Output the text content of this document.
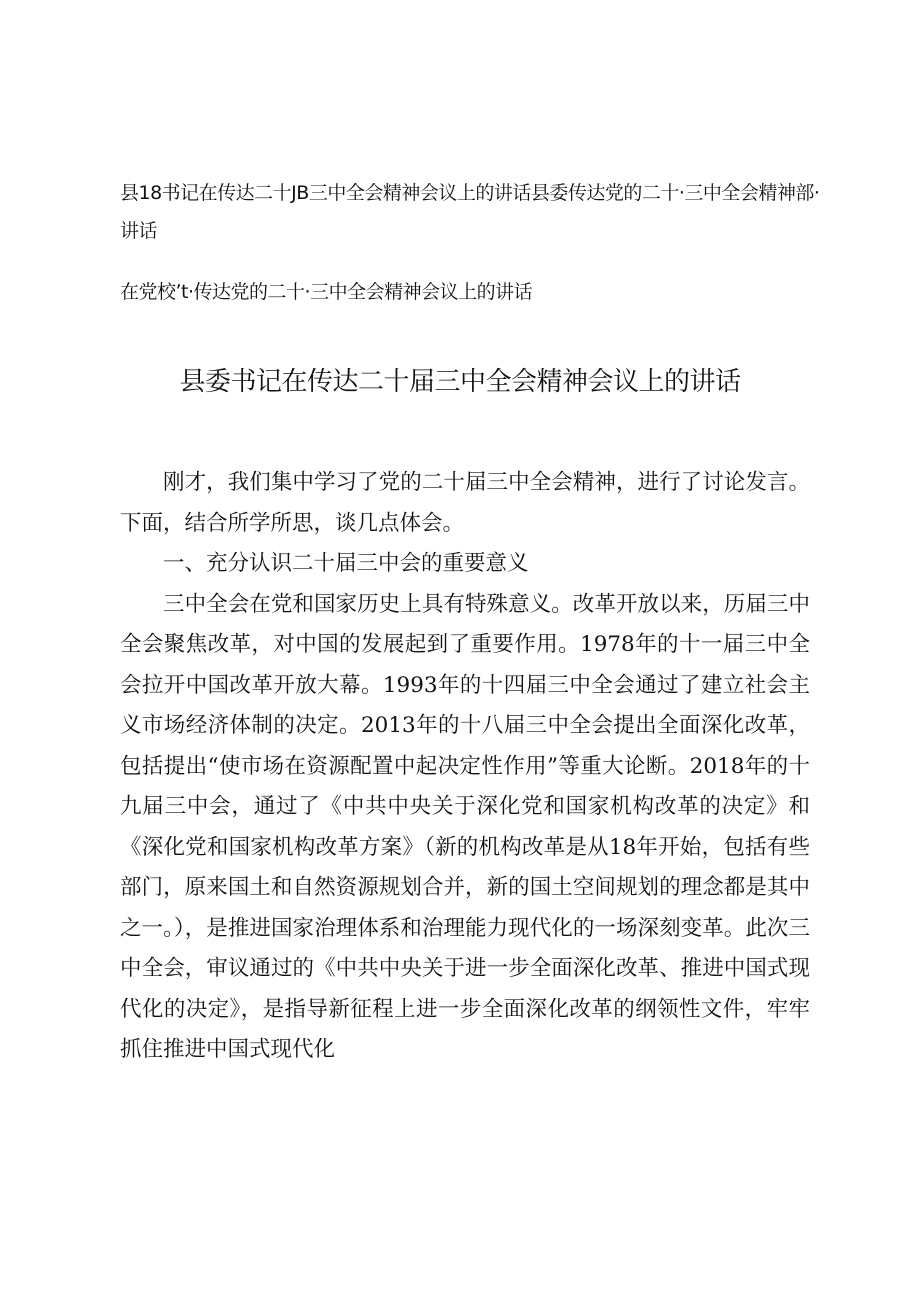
县18书记在传达二十JB三中全会精神会议上的讲话县委传达党的二十·三中全会精神部·讲话
在党校ʼt·传达党的二十·三中全会精神会议上的讲话
县委书记在传达二十届三中全会精神会议上的讲话

刚才，我们集中学习了党的二十届三中全会精神，进行了讨论发言。下面，结合所学所思，谈几点体会。

一、充分认识二十届三中会的重要意义

三中全会在党和国家历史上具有特殊意义。改革开放以来，历届三中全会聚焦改革，对中国的发展起到了重要作用。1978年的十一届三中全会拉开中国改革开放大幕。1993年的十四届三中全会通过了建立社会主义市场经济体制的决定。2013年的十八届三中全会提出全面深化改革，包括提出“使市场在资源配置中起决定性作用”等重大论断。2018年的十九届三中会，通过了《中共中央关于深化党和国家机构改革的决定》和《深化党和国家机构改革方案》（新的机构改革是从18年开始，包括有些部门，原来国土和自然资源规划合并，新的国土空间规划的理念都是其中之一。），是推进国家治理体系和治理能力现代化的一场深刻变革。此次三中全会，审议通过的《中共中央关于进一步全面深化改革、推进中国式现代化的决定》，是指导新征程上进一步全面深化改革的纲领性文件，牢牢抓住推进中国式现代化
